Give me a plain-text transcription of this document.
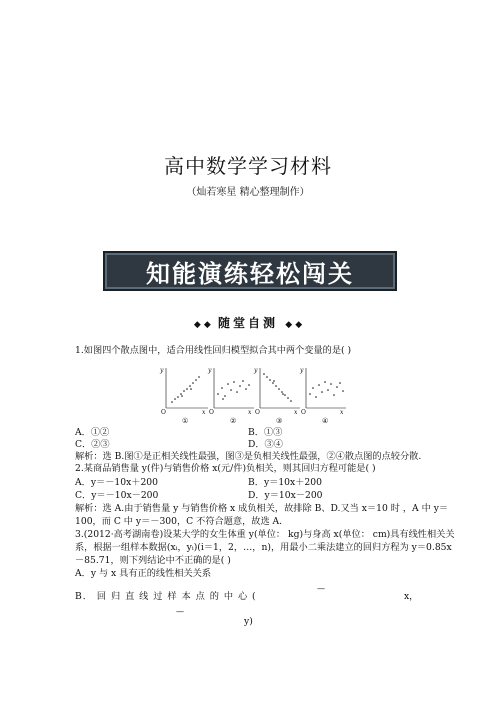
高中数学学习材料
（灿若寒星 精心整理制作）
知能演练轻松闯关
◆ ◆ 随堂自测 ◆ ◆
1.如图四个散点图中，适合用线性回归模型拟合其中两个变量的是( )
y
x
y
x
y
x
y
x
O	O	O	O
①	②	③	④
A．①②	B．①③
C．②③	D．③④
解析：选 B.图①是正相关线性最强，图③是负相关线性最强，②④散点图的点较分散.
2.某商品销售量 y(件)与销售价格 x(元/件)负相关，则其回归方程可能是( )
A．y＝－10x＋200	B．y＝10x＋200
C．y＝－10x－200	D．y＝10x－200
解析：选 A.由于销售量 y 与销售价格 x 成负相关，故排除 B、D.又当 x＝10 时 ，A 中 y＝
100，而 C 中 y＝－300，C 不符合题意，故选 A.
3.(2012·高考湖南卷)设某大学的女生体重 y(单位： kg)与身高 x(单位： cm)具有线性相关关
系，根据一组样本数据(xᵢ，yᵢ)(i＝1，2，…，n)，用最小二乘法建立的回归方程为 y＝0.85x
－85.71，则下列结论中不正确的是( )
A．y 与 x 具有正的线性相关关系
—
B． 回 归 直 线 过 样 本 点 的 中 心 (	x，
—
y)
